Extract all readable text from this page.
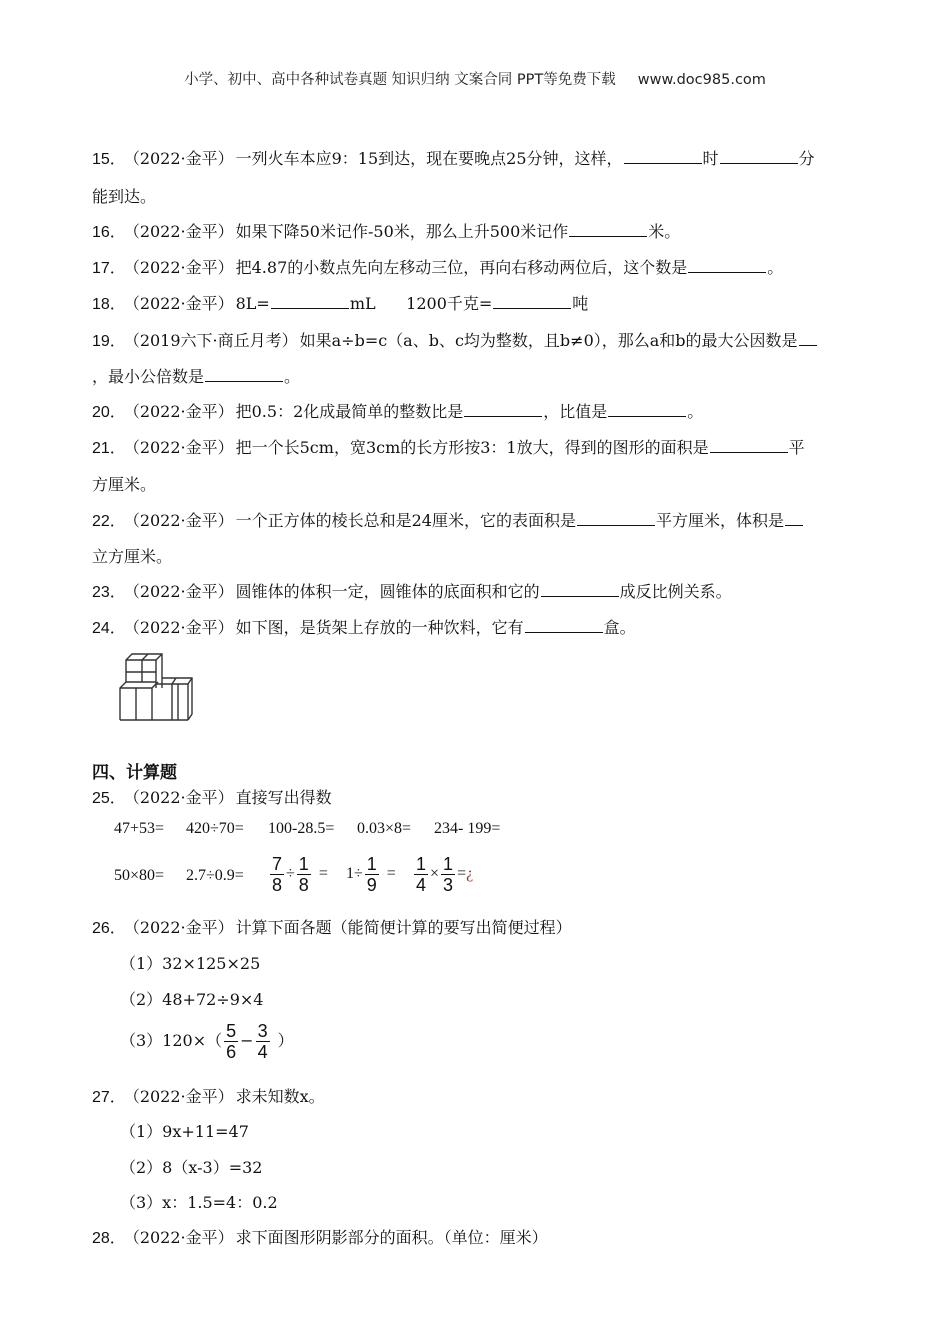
小学、初中、高中各种试卷真题 知识归纳 文案合同 PPT等免费下载 www.doc985.com
15． （2022·金平） 一列火车本应9：15到达，现在要晚点25分钟，这样，	时	分
能到达。
16． （2022·金平） 如果下降50米记作-50米，那么上升500米记作	米。
17． （2022·金平） 把4.87的小数点先向左移动三位，再向右移动两位后，这个数是	。
18． （2022·金平） 8L=	mL      1200千克=	吨
19． （2019六下·商丘月考） 如果a÷b=c（a、b、c均为整数，且b≠0），那么a和b的最大公因数是
，最小公倍数是	。
20． （2022·金平） 把0.5：2化成最简单的整数比是	，比值是	。
21． （2022·金平） 把一个长5cm，宽3cm的长方形按3：1放大，得到的图形的面积是	平
方厘米。
22． （2022·金平） 一个正方体的棱长总和是24厘米，它的表面积是	平方厘米，体积是
立方厘米。
23． （2022·金平） 圆锥体的体积一定，圆锥体的底面积和它的	成反比例关系。
24． （2022·金平） 如下图，是货架上存放的一种饮料，它有	盒。
四、计算题
25． （2022·金平） 直接写出得数
47+53= 420÷70= 100-28.5= 0.03×8= 234- 199=
$50\times 80= 2.7\div 0.9= \frac{7}{8} \div \frac{1}{8} = 1\div \frac{1}{9} = \frac{1}{4} \times \frac{1}{3}$ =¿
26． （2022·金平） 计算下面各题（能简便计算的要写出简便过程）
（1）32×125×25
（2）48+72÷9×4
$(3)120\times( \frac{5}{6} - \frac{3}{4}$ ）
27． （2022·金平） 求未知数x。
（1）9x+11=47
（2）8（x-3）=32
（3）x：1.5=4：0.2
28． （2022·金平） 求下面图形阴影部分的面积。（单位：厘米）
